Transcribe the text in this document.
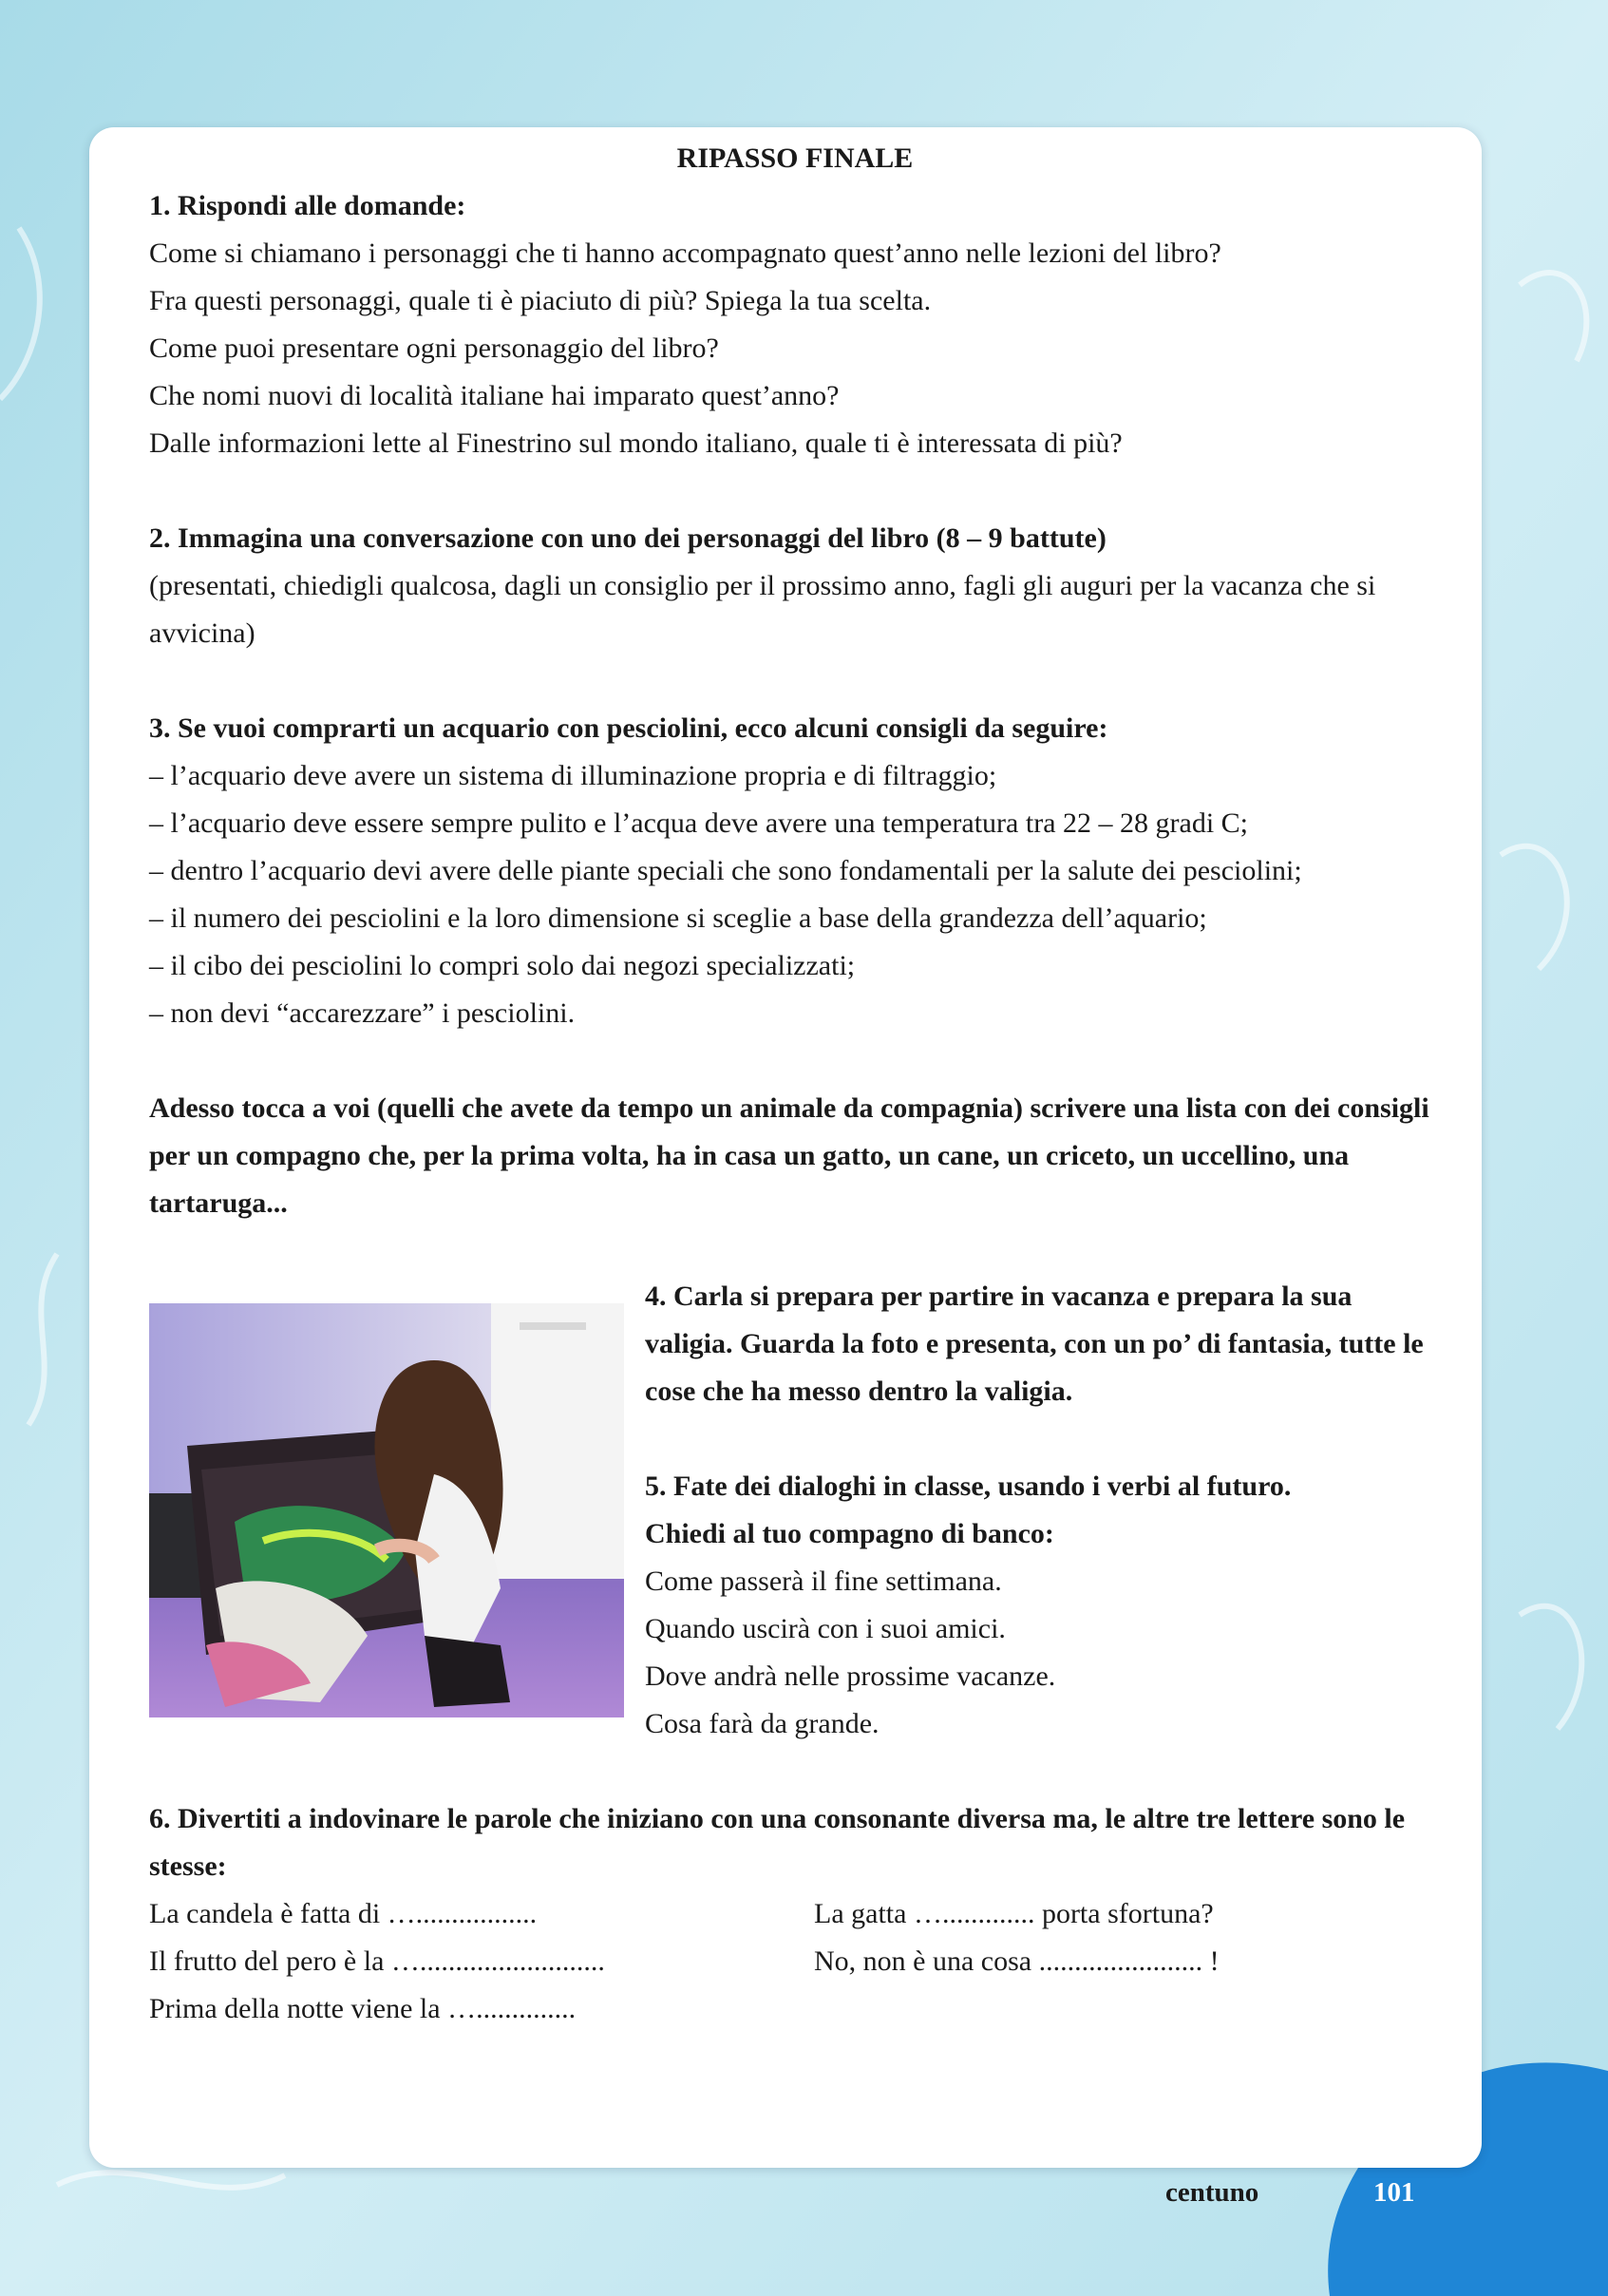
RIPASSO FINALE

1. Rispondi alle domande:

Come si chiamano i personaggi che ti hanno accompagnato quest’anno nelle lezioni del libro?

Fra questi personaggi, quale ti è piaciuto di più? Spiega la tua scelta.

Come puoi presentare ogni personaggio del libro?

Che nomi nuovi di località italiane hai imparato quest’anno?

Dalle informazioni lette al Finestrino sul mondo italiano, quale ti è interessata di più?

2. Immagina una conversazione con uno dei personaggi del libro (8 – 9 battute)

(presentati, chiedigli qualcosa, dagli un consiglio per il prossimo anno, fagli gli auguri per la vacanza che si avvicina)

3. Se vuoi comprarti un acquario con pesciolini, ecco alcuni consigli da seguire:

– l’acquario deve avere un sistema di illuminazione propria e di filtraggio;

– l’acquario deve essere sempre pulito e l’acqua deve avere una temperatura tra 22 – 28 gradi C;

– dentro l’acquario devi avere delle piante speciali che sono fondamentali per la salute dei pesciolini;

– il numero dei pesciolini e la loro dimensione si sceglie a base della grandezza dell’aquario;

– il cibo dei pesciolini lo compri solo dai negozi specializzati;

– non devi “accarezzare” i pesciolini.

Adesso tocca a voi (quelli che avete da tempo un animale da compagnia) scrivere una lista con dei consigli per un compagno che, per la prima volta, ha in casa un gatto, un cane, un criceto, un uccellino, una tartaruga...

4. Carla si prepara per partire in vacanza e prepara la sua valigia. Guarda la foto e presenta, con un po’ di fantasia, tutte le cose che ha messo dentro la valigia.

5. Fate dei dialoghi in classe, usando i verbi al futuro.

Chiedi al tuo compagno di banco:

Come passerà il fine settimana.

Quando uscirà con i suoi amici.

Dove andrà nelle prossime vacanze.

Cosa farà da grande.

6. Divertiti a indovinare le parole che iniziano con una consonante diversa ma, le altre tre lettere sono le stesse:

La candela è fatta di ….................	La gatta …............. porta sfortuna?

Il frutto del pero è la …..........................	No, non è una cosa ....................... !

Prima della notte viene la …..............

centuno	101
